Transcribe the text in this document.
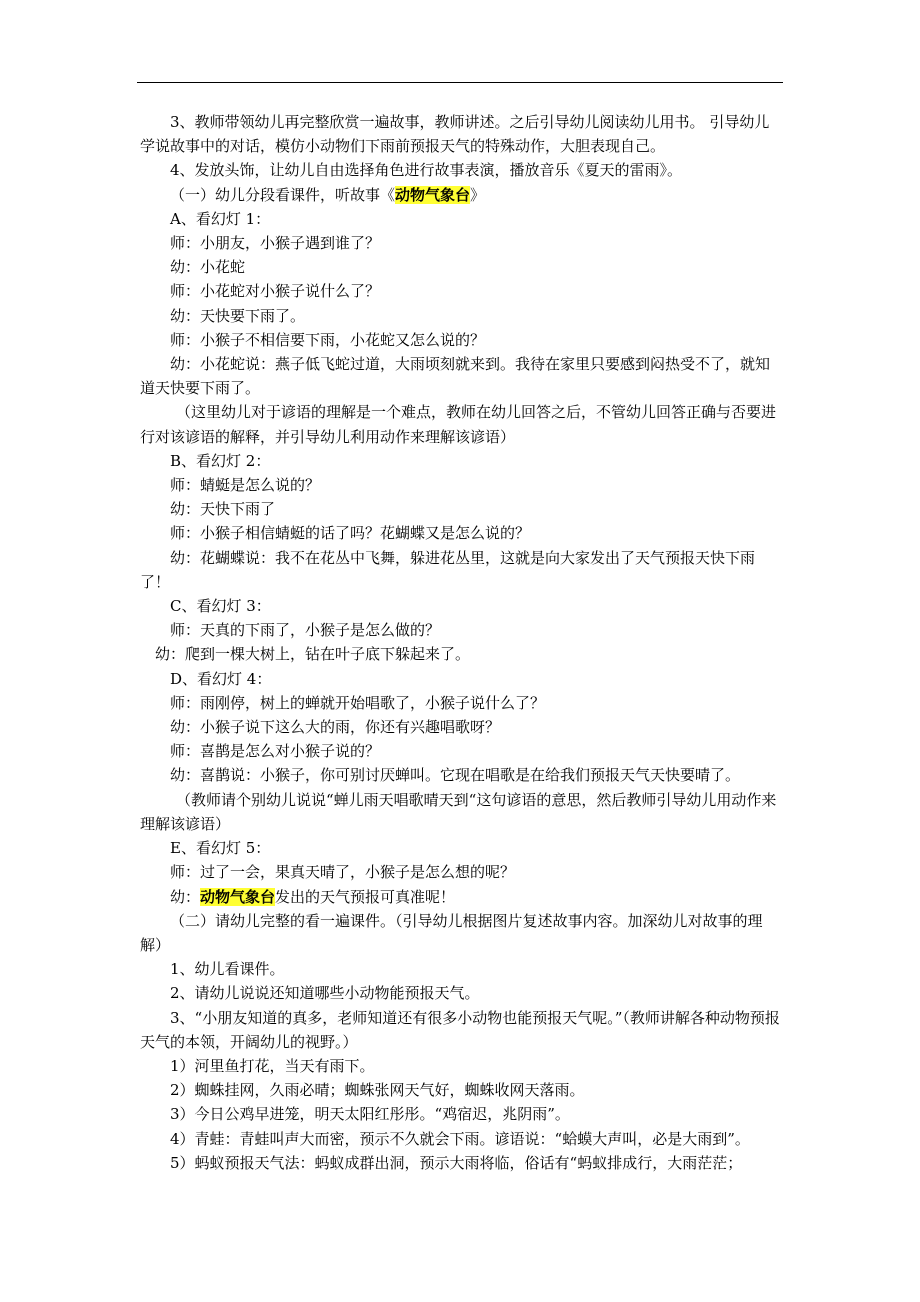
3、教师带领幼儿再完整欣赏一遍故事，教师讲述。之后引导幼儿阅读幼儿用书。 引导幼儿学说故事中的对话，模仿小动物们下雨前预报天气的特殊动作，大胆表现自己。

4、发放头饰，让幼儿自由选择角色进行故事表演，播放音乐《夏天的雷雨》。

（一）幼儿分段看课件，听故事《动物气象台》

A、看幻灯 1：

师：小朋友，小猴子遇到谁了？

幼：小花蛇

师：小花蛇对小猴子说什么了？

幼：天快要下雨了。

师：小猴子不相信要下雨，小花蛇又怎么说的？

幼：小花蛇说：燕子低飞蛇过道，大雨顷刻就来到。我待在家里只要感到闷热受不了，就知道天快要下雨了。

（这里幼儿对于谚语的理解是一个难点，教师在幼儿回答之后，不管幼儿回答正确与否要进行对该谚语的解释，并引导幼儿利用动作来理解该谚语）

B、看幻灯 2：

师：蜻蜓是怎么说的？

幼：天快下雨了

师：小猴子相信蜻蜓的话了吗？花蝴蝶又是怎么说的？

幼：花蝴蝶说：我不在花丛中飞舞，躲进花丛里，这就是向大家发出了天气预报天快下雨了！

C、看幻灯 3：

师：天真的下雨了，小猴子是怎么做的？

幼：爬到一棵大树上，钻在叶子底下躲起来了。

D、看幻灯 4：

师：雨刚停，树上的蝉就开始唱歌了，小猴子说什么了？

幼：小猴子说下这么大的雨，你还有兴趣唱歌呀？

师：喜鹊是怎么对小猴子说的？

幼：喜鹊说：小猴子，你可别讨厌蝉叫。它现在唱歌是在给我们预报天气天快要晴了。

（教师请个别幼儿说说“蝉儿雨天唱歌晴天到“这句谚语的意思，然后教师引导幼儿用动作来理解该谚语）

E、看幻灯 5：

师：过了一会，果真天晴了，小猴子是怎么想的呢？

幼：动物气象台发出的天气预报可真准呢！

（二）请幼儿完整的看一遍课件。（引导幼儿根据图片复述故事内容。加深幼儿对故事的理解）

1、幼儿看课件。

2、请幼儿说说还知道哪些小动物能预报天气。

3、“小朋友知道的真多，老师知道还有很多小动物也能预报天气呢。”（教师讲解各种动物预报天气的本领，开阔幼儿的视野。）

1）河里鱼打花，当天有雨下。

2）蜘蛛挂网，久雨必晴；蜘蛛张网天气好，蜘蛛收网天落雨。

3）今日公鸡早进笼，明天太阳红彤彤。“鸡宿迟，兆阴雨”。

4）青蛙：青蛙叫声大而密，预示不久就会下雨。谚语说：“蛤蟆大声叫，必是大雨到”。

5）蚂蚁预报天气法：蚂蚁成群出洞，预示大雨将临，俗话有“蚂蚁排成行，大雨茫茫；
